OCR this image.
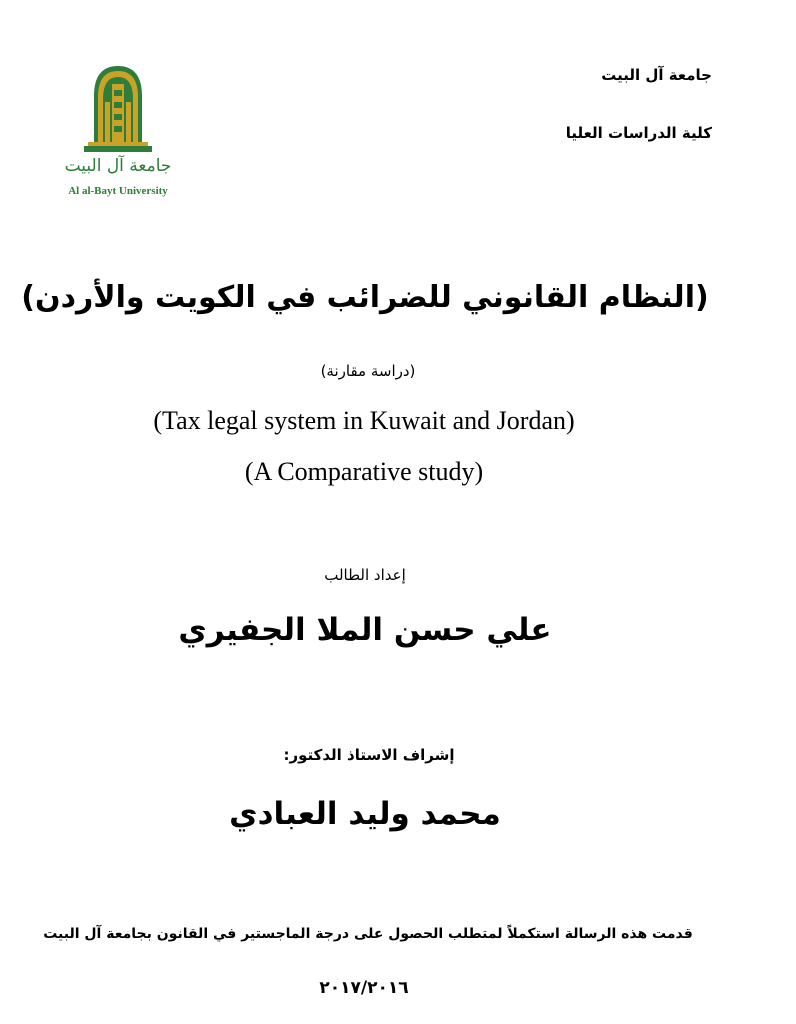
جامعة آل البيت
كلية الدراسات العليا
جامعة آل البيت
Al al-Bayt University
(النظام القانوني للضرائب في الكويت والأردن)
(دراسة مقارنة)
(Tax legal system in Kuwait and Jordan)
(A Comparative study)
إعداد الطالب
علي حسن الملا الجفيري
إشراف الاستاذ الدكتور:
محمد وليد العبادي
قدمت هذه الرسالة استكملاً لمتطلب الحصول على درجة الماجستير في القانون بجامعة آل البيت
٢٠١٧/٢٠١٦
